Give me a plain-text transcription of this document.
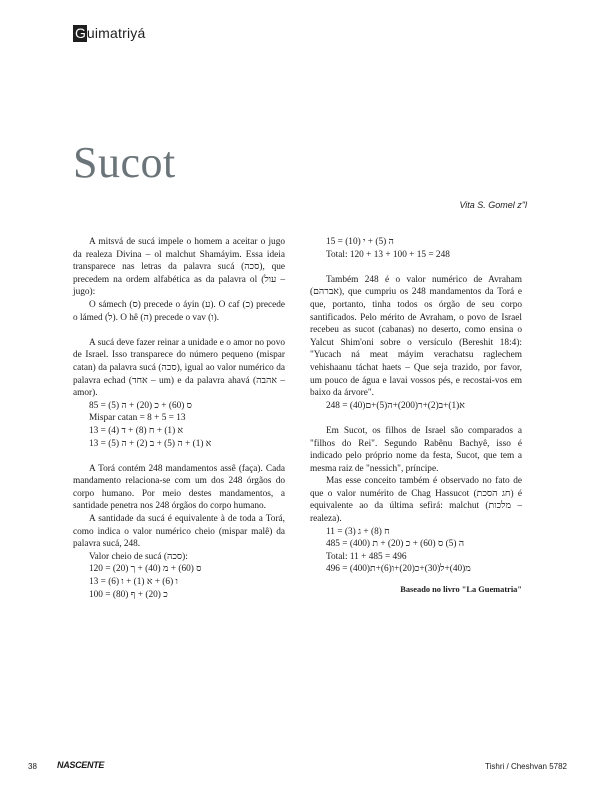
G uimatriyá
Sucot
Vita S. Gomel z"l

A mitsvá de sucá impele o homem a aceitar o jugo da realeza Divina – ol malchut Shamáyim. Essa ideia transparece nas letras da palavra sucá (סכה), que precedem na ordem alfabética as da palavra ol (עול – jugo):

O sámech (ס) precede o áyin (ע). O caf (כ) precede o lámed (ל). O hê (ה) precede o vav (ו).

A sucá deve fazer reinar a unidade e o amor no povo de Israel. Isso transparece do número pequeno (mispar catan) da palavra sucá (סכה), igual ao valor numérico da palavra echad (אחד – um) e da palavra ahavá (אהבה – amor).

ס (60) + כ (20) + ה (5) = 85

Mispar catan = 8 + 5 = 13

א (1) + ח (8) + ד (4) = 13

א (1) + ה (5) + ב (2) + ה (5) = 13

A Torá contém 248 mandamentos assê (faça). Cada mandamento relaciona-se com um dos 248 órgãos do corpo humano. Por meio destes mandamentos, a santidade penetra nos 248 órgãos do corpo humano.

A santidade da sucá é equivalente à de toda a Torá, como indica o valor numérico cheio (mispar malê) da palavra sucá, 248.

Valor cheio de sucá (סכה):

ס (60) + מ (40) + ך (20) = 120

ו (6) + א (1) + ו (6) = 13

כ (20) + ף (80) = 100

ה (5) + י (10) = 15

Total: 120 + 13 + 100 + 15 = 248

Também 248 é o valor numérico de Avraham (אברהם), que cumpriu os 248 mandamentos da Torá e que, portanto, tinha todos os órgão de seu corpo santificados. Pelo mérito de Avraham, o povo de Israel recebeu as sucot (cabanas) no deserto, como ensina o Yalcut Shim'oni sobre o versículo (Bereshit 18:4): "Yucach ná meat máyim verachatsu raglechem vehishaanu táchat haets – Que seja trazido, por favor, um pouco de água e lavai vossos pés, e recostai-vos em baixo da árvore".

א(1)+ב(2)+ר(200)+ה(5)+ם(40) = 248

Em Sucot, os filhos de Israel são comparados a "filhos do Rei". Segundo Rabênu Bachyê, isso é indicado pelo próprio nome da festa, Sucot, que tem a mesma raiz de "nessich", príncipe.

Mas esse conceito também é observado no fato de que o valor numérito de Chag Hassucot (חג הסכת) é equivalente ao da última sefirá: malchut (מלכות – realeza).

ח (8) + ג (3) = 11

ה (5) ס (60) + כ (20) + ת (400) = 485

Total: 11 + 485 = 496

מ(40)+ל(30)+כ(20)+ו(6)+ת(400) = 496

Baseado no livro "La Guematria"

38 NASCENTE	Tishri / Cheshvan 5782
